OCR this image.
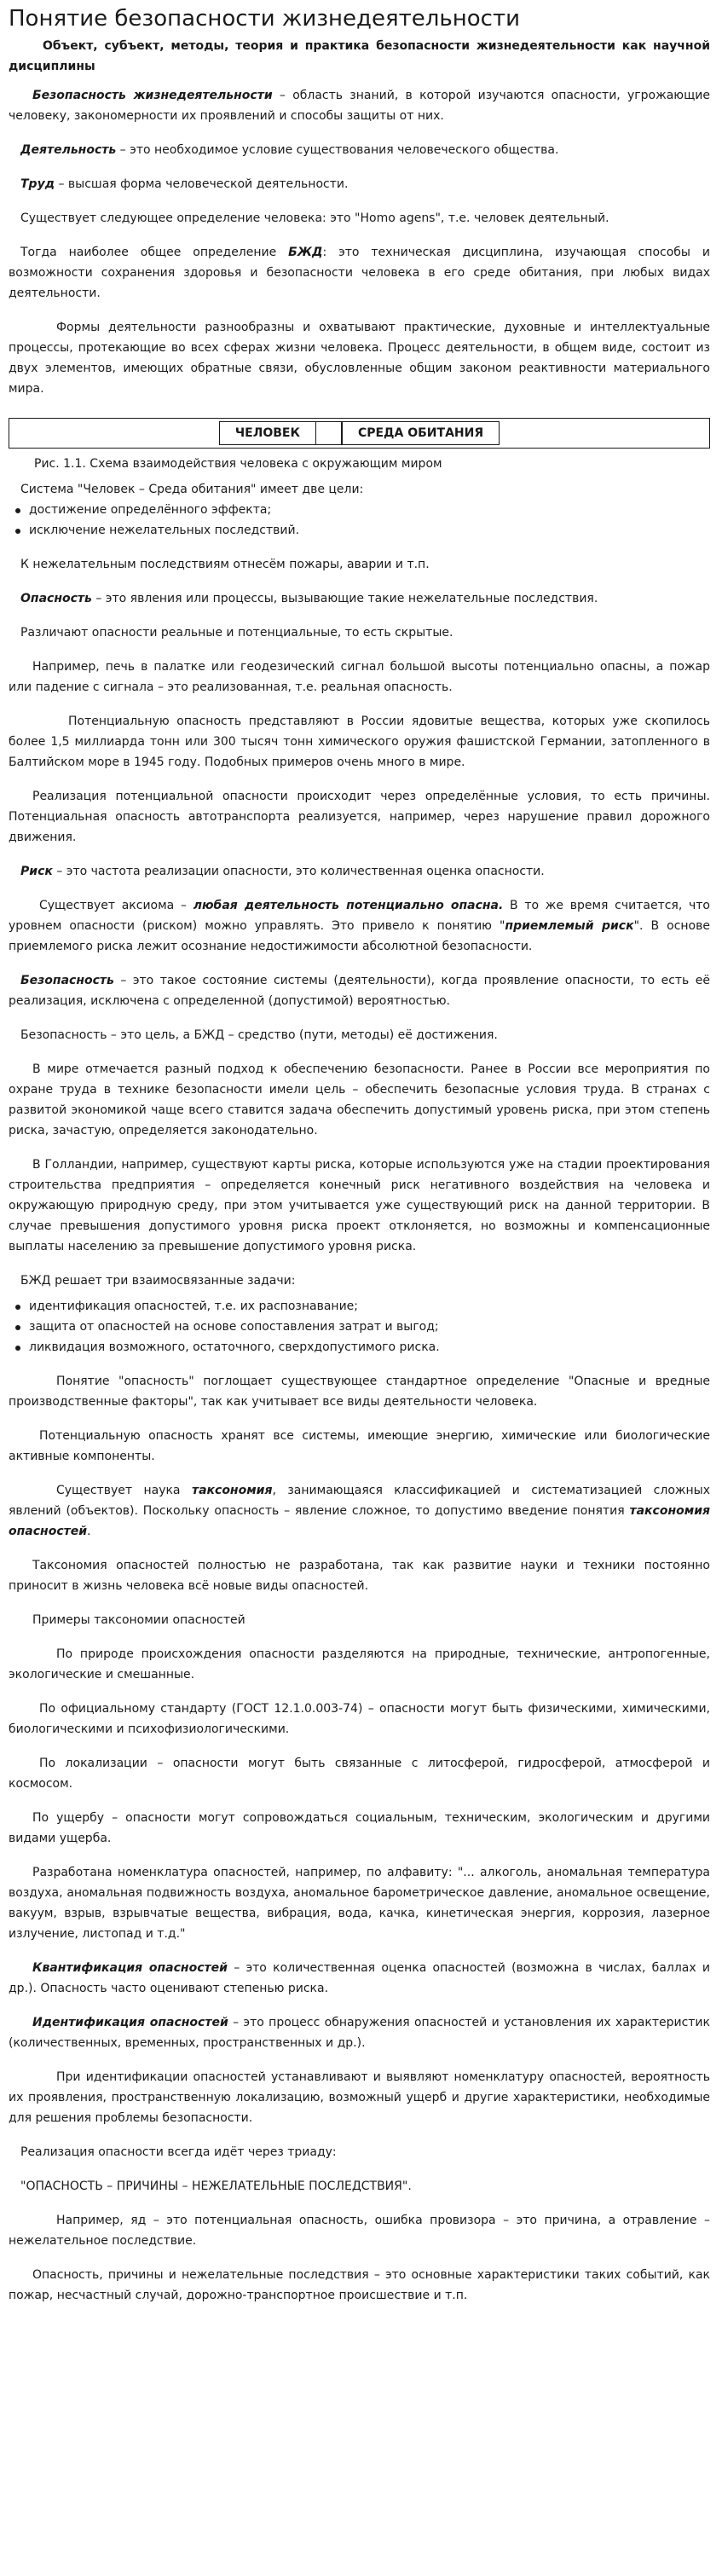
Понятие безопасности жизнедеятельности
Объект, субъект, методы, теория и практика безопасности жизнедеятельности как научной дисциплины

Безопасность жизнедеятельности – область знаний, в которой изучаются опасности, угрожающие человеку, закономерности их проявлений и способы защиты от них.

Деятельность – это необходимое условие существования человеческого общества.

Труд – высшая форма человеческой деятельности.

Существует следующее определение человека: это "Homo agens", т.е. человек деятельный.

Тогда наиболее общее определение БЖД: это техническая дисциплина, изучающая способы и возможности сохранения здоровья и безопасности человека в его среде обитания, при любых видах деятельности.

Формы деятельности разнообразны и охватывают практические, духовные и интеллектуальные процессы, протекающие во всех сферах жизни человека. Процесс деятельности, в общем виде, состоит из двух элементов, имеющих обратные связи, обусловленные общим законом реактивности материального мира.

ЧЕЛОВЕК	СРЕДА ОБИТАНИЯ
Рис. 1.1. Схема взаимодействия человека с окружающим миром

Система "Человек – Среда обитания" имеет две цели:

достижение определённого эффекта;
исключение нежелательных последствий.

К нежелательным последствиям отнесём пожары, аварии и т.п.

Опасность – это явления или процессы, вызывающие такие нежелательные последствия.

Различают опасности реальные и потенциальные, то есть скрытые.

Например, печь в палатке или геодезический сигнал большой высоты потенциально опасны, а пожар или падение с сигнала – это реализованная, т.е. реальная опасность.

Потенциальную опасность представляют в России ядовитые вещества, которых уже скопилось более 1,5 миллиарда тонн или 300 тысяч тонн химического оружия фашистской Германии, затопленного в Балтийском море в 1945 году. Подобных примеров очень много в мире.

Реализация потенциальной опасности происходит через определённые условия, то есть причины. Потенциальная опасность автотранспорта реализуется, например, через нарушение правил дорожного движения.

Риск – это частота реализации опасности, это количественная оценка опасности.

Существует аксиома – любая деятельность потенциально опасна. В то же время считается, что уровнем опасности (риском) можно управлять. Это привело к понятию "приемлемый риск". В основе приемлемого риска лежит осознание недостижимости абсолютной безопасности.

Безопасность – это такое состояние системы (деятельности), когда проявление опасности, то есть её реализация, исключена с определенной (допустимой) вероятностью.

Безопасность – это цель, а БЖД – средство (пути, методы) её достижения.

В мире отмечается разный подход к обеспечению безопасности. Ранее в России все мероприятия по охране труда в технике безопасности имели цель – обеспечить безопасные условия труда. В странах с развитой экономикой чаще всего ставится задача обеспечить допустимый уровень риска, при этом степень риска, зачастую, определяется законодательно.

В Голландии, например, существуют карты риска, которые используются уже на стадии проектирования строительства предприятия – определяется конечный риск негативного воздействия на человека и окружающую природную среду, при этом учитывается уже существующий риск на данной территории. В случае превышения допустимого уровня риска проект отклоняется, но возможны и компенсационные выплаты населению за превышение допустимого уровня риска.

БЖД решает три взаимосвязанные задачи:

идентификация опасностей, т.е. их распознавание;
защита от опасностей на основе сопоставления затрат и выгод;
ликвидация возможного, остаточного, сверхдопустимого риска.

Понятие "опасность" поглощает существующее стандартное определение "Опасные и вредные производственные факторы", так как учитывает все виды деятельности человека.

Потенциальную опасность хранят все системы, имеющие энергию, химические или биологические активные компоненты.

Существует наука таксономия, занимающаяся классификацией и систематизацией сложных явлений (объектов). Поскольку опасность – явление сложное, то допустимо введение понятия таксономия опасностей.

Таксономия опасностей полностью не разработана, так как развитие науки и техники постоянно приносит в жизнь человека всё новые виды опасностей.

Примеры таксономии опасностей

По природе происхождения опасности разделяются на природные, технические, антропогенные, экологические и смешанные.

По официальному стандарту (ГОСТ 12.1.0.003-74) – опасности могут быть физическими, химическими, биологическими и психофизиологическими.

По локализации – опасности могут быть связанные с литосферой, гидросферой, атмосферой и космосом.

По ущербу – опасности могут сопровождаться социальным, техническим, экологическим и другими видами ущерба.

Разработана номенклатура опасностей, например, по алфавиту: "... алкоголь, аномальная температура воздуха, аномальная подвижность воздуха, аномальное барометрическое давление, аномальное освещение, вакуум, взрыв, взрывчатые вещества, вибрация, вода, качка, кинетическая энергия, коррозия, лазерное излучение, листопад и т.д."

Квантификация опасностей – это количественная оценка опасностей (возможна в числах, баллах и др.). Опасность часто оценивают степенью риска.

Идентификация опасностей – это процесс обнаружения опасностей и установления их характеристик (количественных, временных, пространственных и др.).

При идентификации опасностей устанавливают и выявляют номенклатуру опасностей, вероятность их проявления, пространственную локализацию, возможный ущерб и другие характеристики, необходимые для решения проблемы безопасности.

Реализация опасности всегда идёт через триаду:

"ОПАСНОСТЬ – ПРИЧИНЫ – НЕЖЕЛАТЕЛЬНЫЕ ПОСЛЕДСТВИЯ".

Например, яд – это потенциальная опасность, ошибка провизора – это причина, а отравление – нежелательное последствие.

Опасность, причины и нежелательные последствия – это основные характеристики таких событий, как пожар, несчастный случай, дорожно-транспортное происшествие и т.п.
